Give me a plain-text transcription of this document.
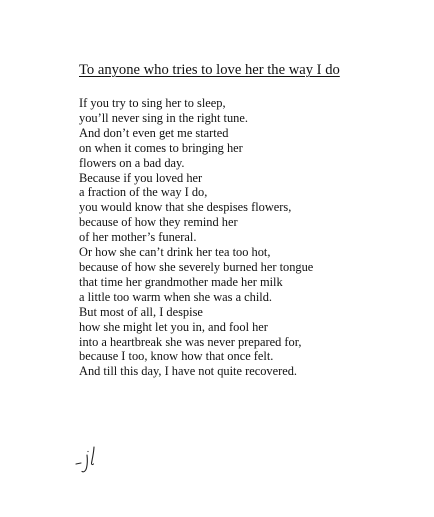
To anyone who tries to love her the way I do
If you try to sing her to sleep,
you’ll never sing in the right tune.
And don’t even get me started
on when it comes to bringing her
flowers on a bad day.
Because if you loved her
a fraction of the way I do,
you would know that she despises flowers,
because of how they remind her
of her mother’s funeral.
Or how she can’t drink her tea too hot,
because of how she severely burned her tongue
that time her grandmother made her milk
a little too warm when she was a child.
But most of all, I despise
how she might let you in, and fool her
into a heartbreak she was never prepared for,
because I too, know how that once felt.
And till this day, I have not quite recovered.
